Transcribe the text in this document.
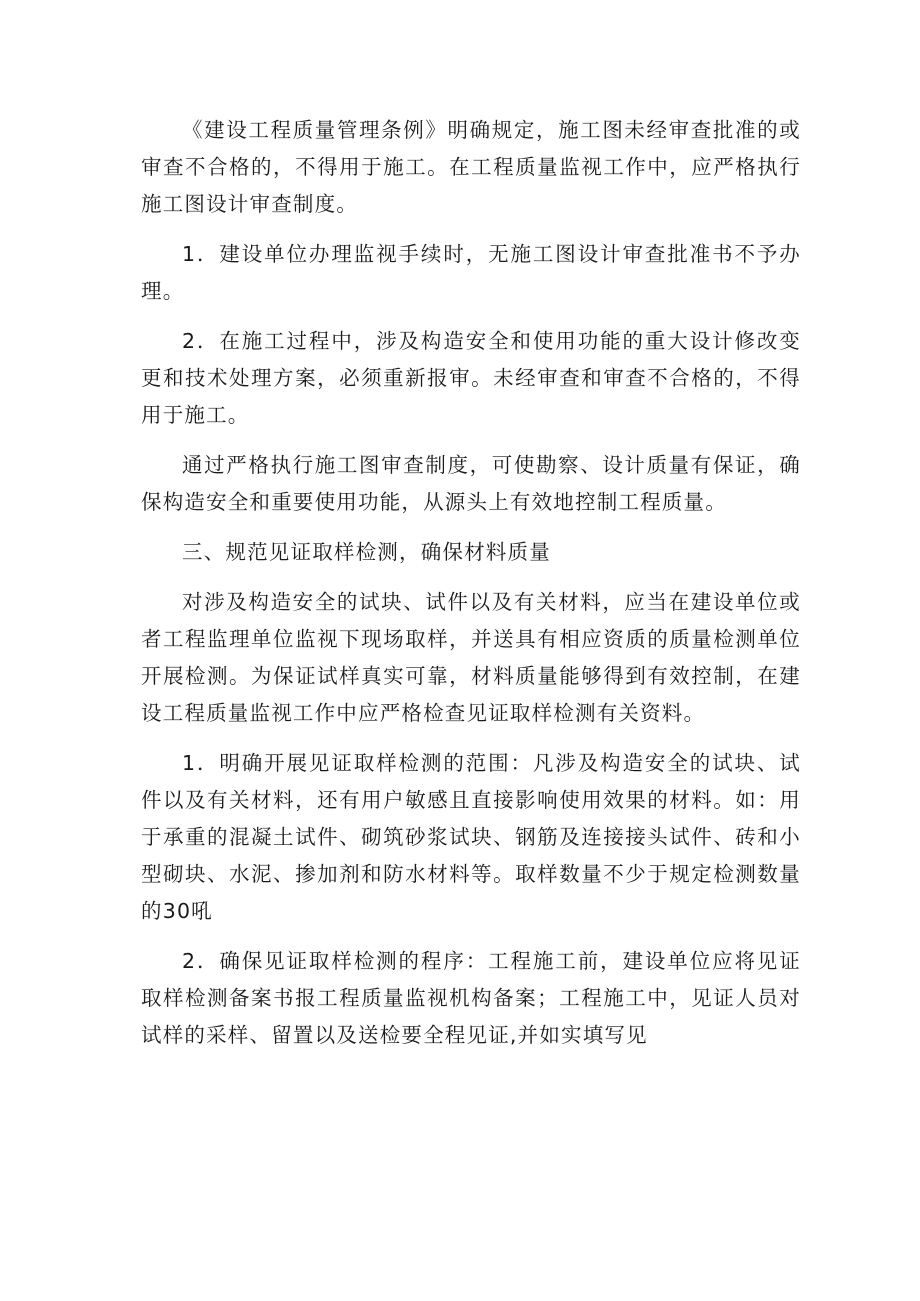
《建设工程质量管理条例》明确规定，施工图未经审查批准的或审查不合格的，不得用于施工。在工程质量监视工作中，应严格执行施工图设计审查制度。

1．建设单位办理监视手续时，无施工图设计审查批准书不予办理。

2．在施工过程中，涉及构造安全和使用功能的重大设计修改变更和技术处理方案，必须重新报审。未经审查和审查不合格的，不得用于施工。

通过严格执行施工图审查制度，可使勘察、设计质量有保证，确保构造安全和重要使用功能，从源头上有效地控制工程质量。

三、规范见证取样检测，确保材料质量

对涉及构造安全的试块、试件以及有关材料，应当在建设单位或者工程监理单位监视下现场取样，并送具有相应资质的质量检测单位开展检测。为保证试样真实可靠，材料质量能够得到有效控制，在建设工程质量监视工作中应严格检查见证取样检测有关资料。

1．明确开展见证取样检测的范围：凡涉及构造安全的试块、试件以及有关材料，还有用户敏感且直接影响使用效果的材料。如：用于承重的混凝土试件、砌筑砂浆试块、钢筋及连接接头试件、砖和小型砌块、水泥、掺加剂和防水材料等。取样数量不少于规定检测数量的30吼

2．确保见证取样检测的程序：工程施工前，建设单位应将见证取样检测备案书报工程质量监视机构备案；工程施工中，见证人员对试样的采样、留置以及送检要全程见证,并如实填写见
